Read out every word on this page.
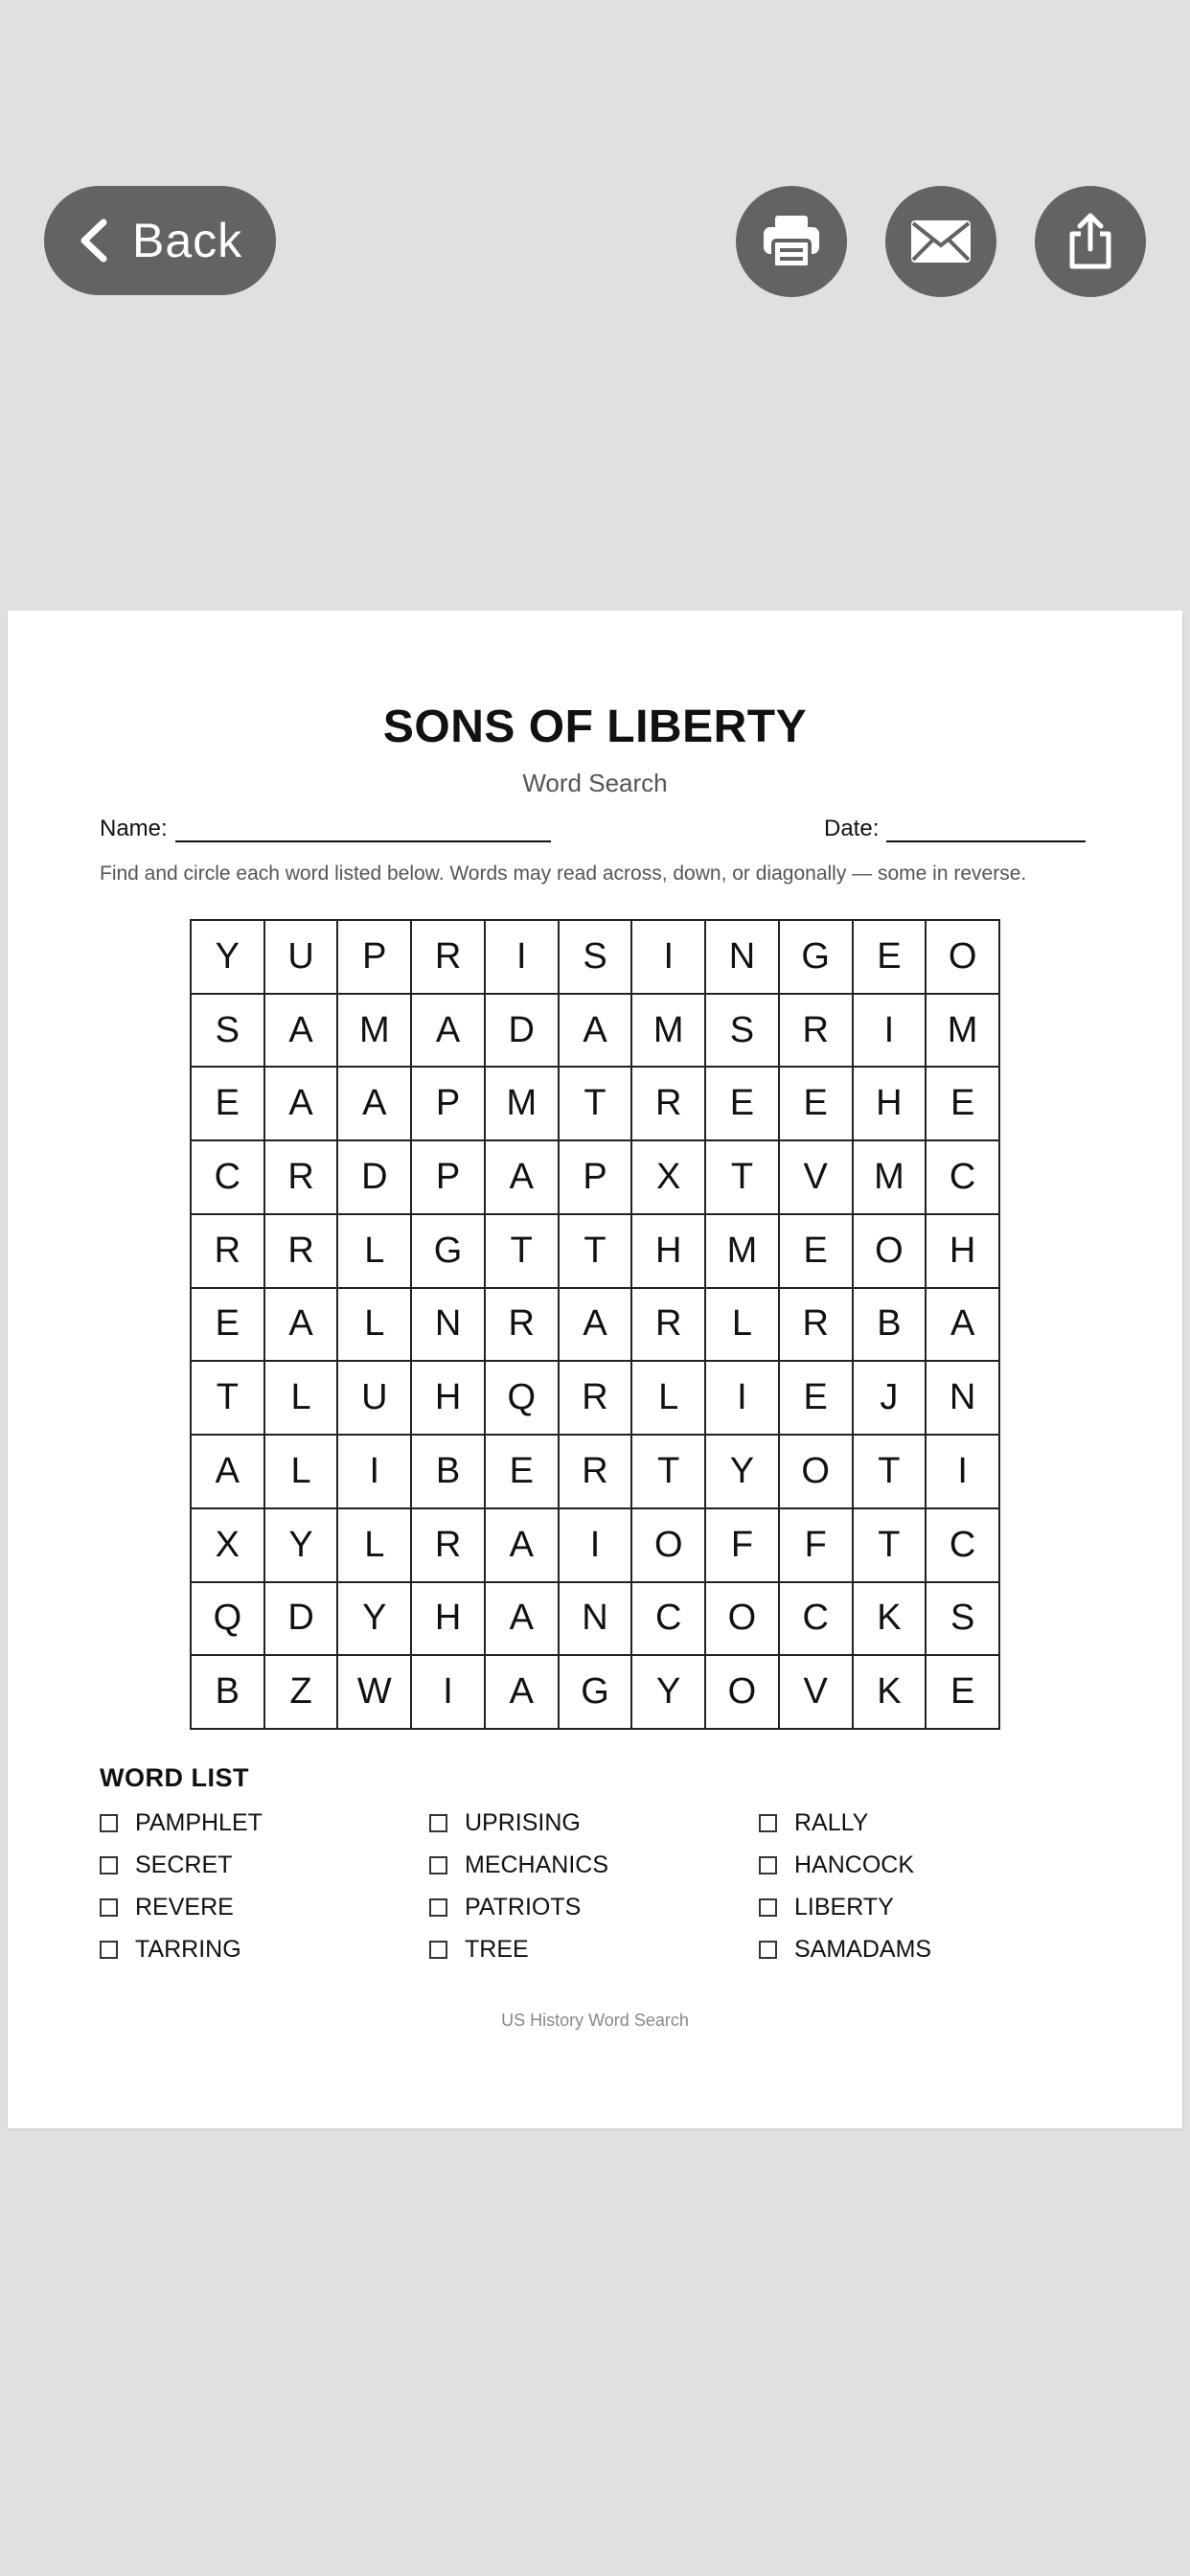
Back
SONS OF LIBERTY
Word Search
Name:	Date:
Find and circle each word listed below. Words may read across, down, or diagonally — some in reverse.
Y	U	P	R	I	S	I	N	G	E	O
S	A	M	A	D	A	M	S	R	I	M
E	A	A	P	M	T	R	E	E	H	E
C	R	D	P	A	P	X	T	V	M	C
R	R	L	G	T	T	H	M	E	O	H
E	A	L	N	R	A	R	L	R	B	A
T	L	U	H	Q	R	L	I	E	J	N
A	L	I	B	E	R	T	Y	O	T	I
X	Y	L	R	A	I	O	F	F	T	C
Q	D	Y	H	A	N	C	O	C	K	S
B	Z	W	I	A	G	Y	O	V	K	E
WORD LIST
PAMPHLET	UPRISING	RALLY
SECRET	MECHANICS	HANCOCK
REVERE	PATRIOTS	LIBERTY
TARRING	TREE	SAMADAMS
US History Word Search
